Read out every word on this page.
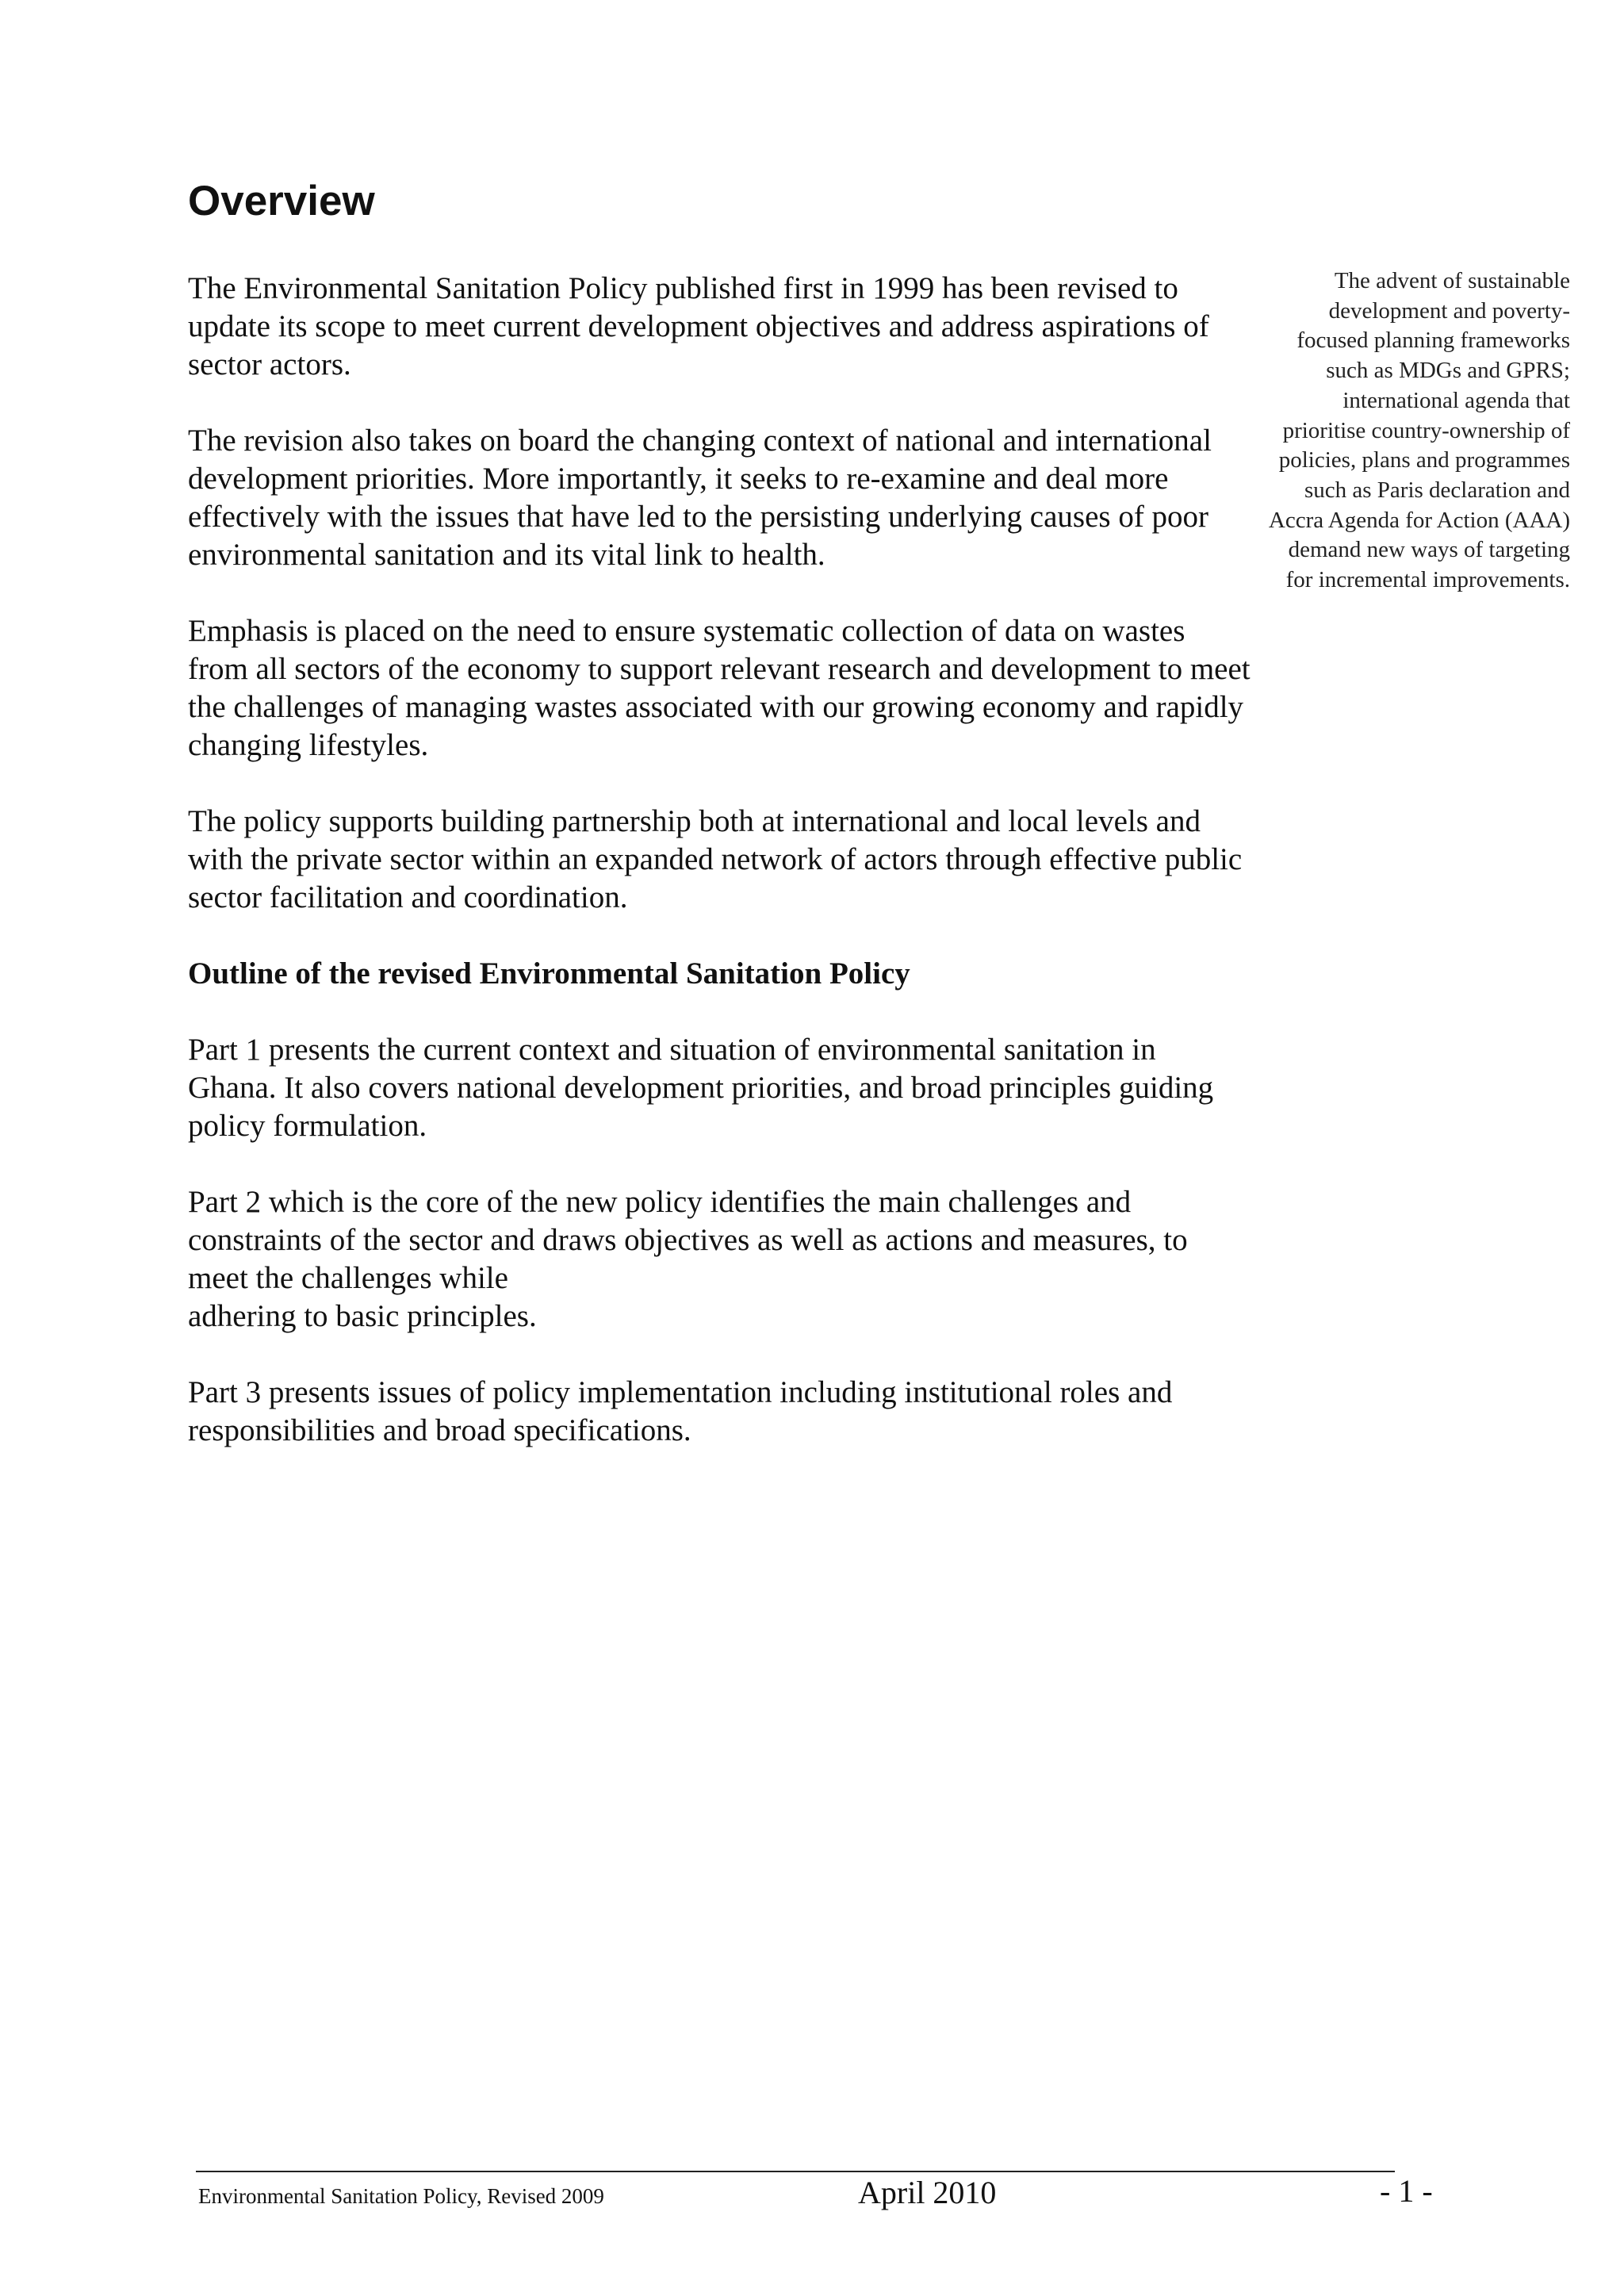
Overview

The Environmental Sanitation Policy published first in 1999 has been revised to update its scope to meet current development objectives and address aspirations of sector actors.

The revision also takes on board the changing context of national and international development priorities. More importantly, it seeks to re-examine and deal more effectively with the issues that have led to the persisting underlying causes of poor environmental sanitation and its vital link to health.

Emphasis is placed on the need to ensure systematic collection of data on wastes from all sectors of the economy to support relevant research and development to meet the challenges of managing wastes associated with our growing economy and rapidly changing lifestyles.

The policy supports building partnership both at international and local levels and with the private sector within an expanded network of actors through effective public sector facilitation and coordination.

Outline of the revised Environmental Sanitation Policy

Part 1 presents the current context and situation of environmental sanitation in Ghana. It also covers national development priorities, and broad principles guiding policy formulation.

Part 2 which is the core of the new policy identifies the main challenges and constraints of the sector and draws objectives as well as actions and measures, to meet the challenges while

adhering to basic principles.

Part 3 presents issues of policy implementation including institutional roles and responsibilities and broad specifications.

The advent of sustainable development and poverty-focused planning frameworks such as MDGs and GPRS; international agenda that prioritise country-ownership of policies, plans and programmes such as Paris declaration and Accra Agenda for Action (AAA) demand new ways of targeting for incremental improvements.
Environmental Sanitation Policy, Revised 2009	April 2010	- 1 -
